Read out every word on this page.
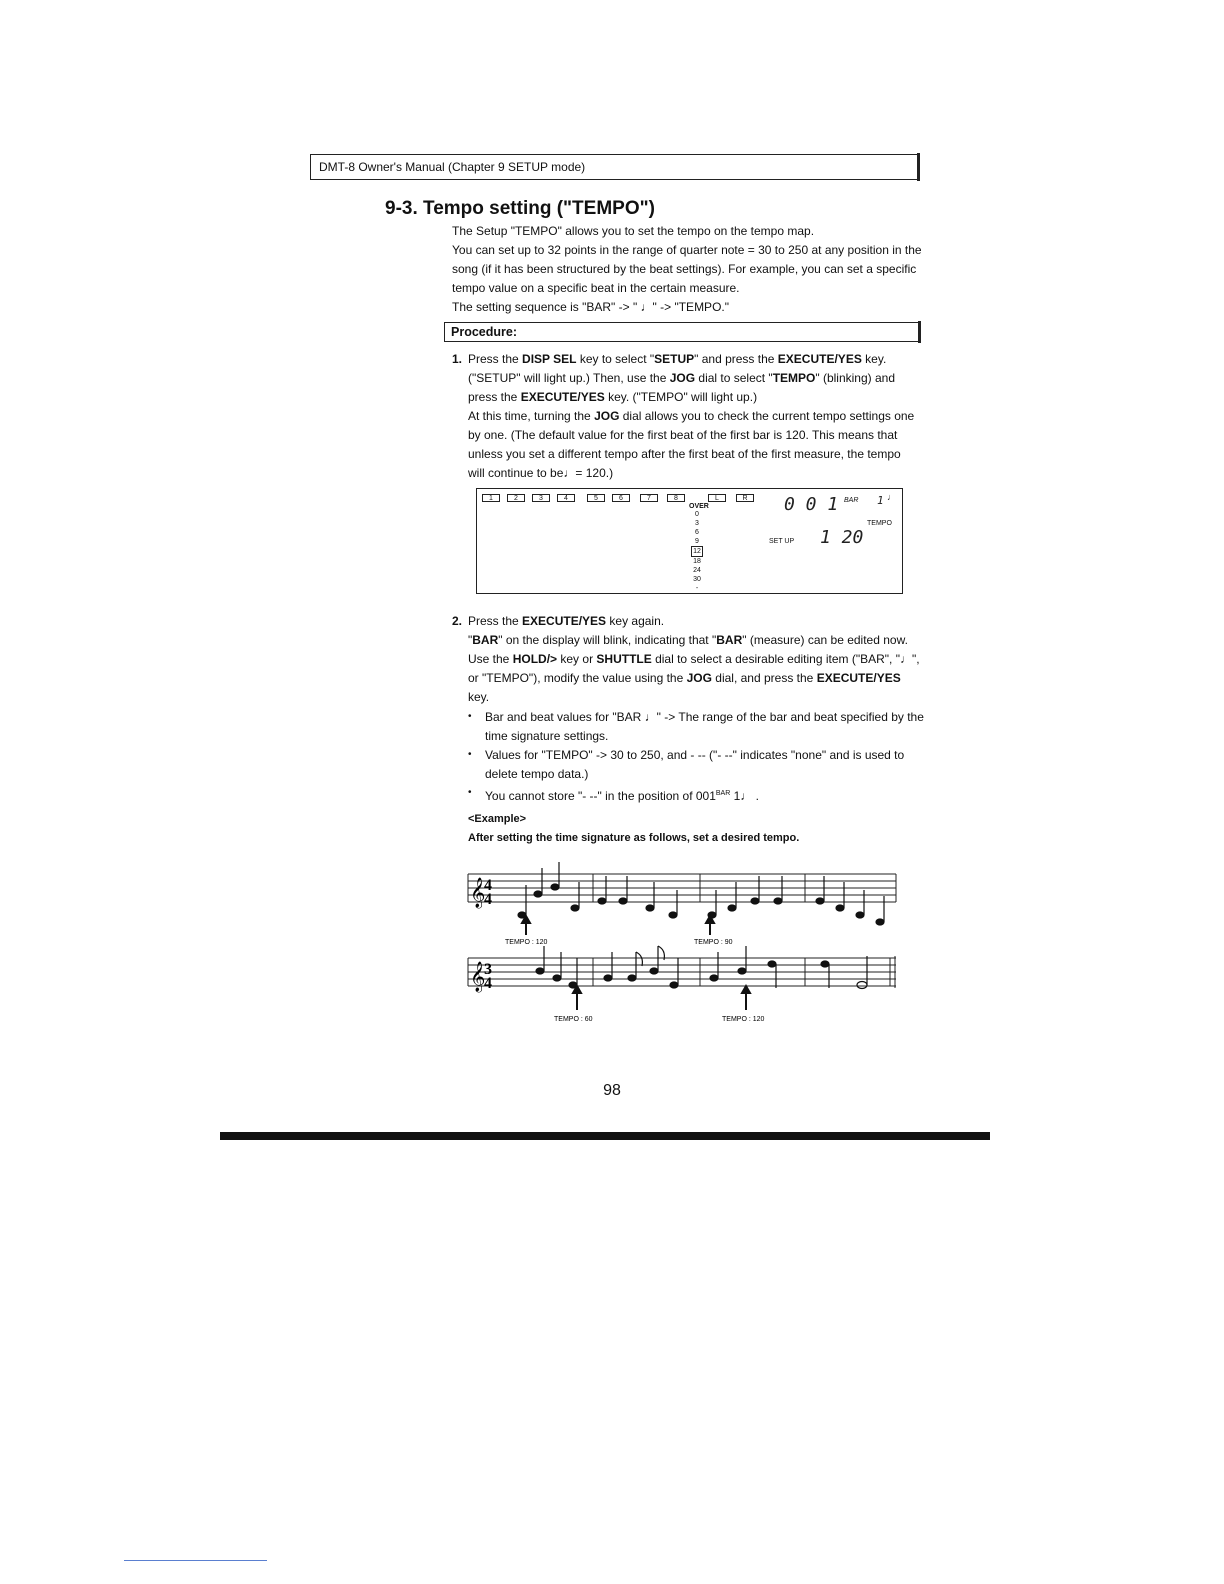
DMT-8 Owner's Manual (Chapter 9 SETUP mode)
9-3. Tempo setting ("TEMPO")

The Setup "TEMPO" allows you to set the tempo on the tempo map.

You can set up to 32 points in the range of quarter note = 30 to 250 at any position in the

song (if it has been structured by the beat settings). For example, you can set a specific

tempo value on a specific beat in the certain measure.

The setting sequence is "BAR" -> " ♩" -> "TEMPO."

Procedure:
1. Press the DISP SEL key to select "SETUP" and press the EXECUTE/YES key.

("SETUP" will light up.) Then, use the JOG dial to select "TEMPO" (blinking) and

press the EXECUTE/YES key. ("TEMPO" will light up.)

At this time, turning the JOG dial allows you to check the current tempo settings one

by one. (The default value for the first beat of the first bar is 120. This means that

unless you set a different tempo after the first beat of the first measure, the tempo

will continue to be♩= 120.)

1	2	3	4	5	6	7	8	L	R
OVER
0
3
6
9
12
18
24
30
-
0 0 1 BAR 1 ♩
TEMPO
SET UP 1 20
2. Press the EXECUTE/YES key again.

"BAR" on the display will blink, indicating that "BAR" (measure) can be edited now.

Use the HOLD/> key or SHUTTLE dial to select a desirable editing item ("BAR", "♩",

or "TEMPO"), modify the value using the JOG dial, and press the EXECUTE/YES

key.

• Bar and beat values for "BAR ♩" -> The range of the bar and beat specified by the
time signature settings.
• Values for "TEMPO" -> 30 to 250, and - -- ("- --" indicates "none" and is used to
delete tempo data.)
• You cannot store "- --" in the position of $001^{BAR}$ 1♩ .
<Example>
After setting the time signature as follows, set a desired tempo.
𝄞
4
4
TEMPO : 120	TEMPO : 90
𝄞
3
4
TEMPO : 60	TEMPO : 120
98
